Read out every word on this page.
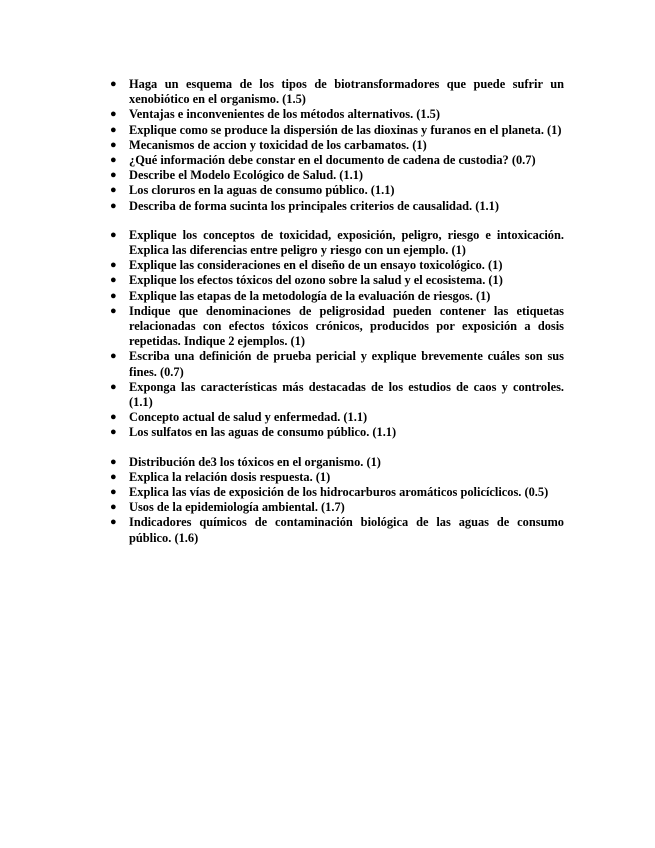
● Haga un esquema de los tipos de biotransformadores que puede sufrir un xenobiótico en el organismo. (1.5)
● Ventajas e inconvenientes de los métodos alternativos. (1.5)
● Explique como se produce la dispersión de las dioxinas y furanos en el planeta. (1)
● Mecanismos de accion y toxicidad de los carbamatos. (1)
● ¿Qué información debe constar en el documento de cadena de custodia? (0.7)
● Describe el Modelo Ecológico de Salud. (1.1)
● Los cloruros en la aguas de consumo público. (1.1)
● Describa de forma sucinta los principales criterios de causalidad. (1.1)
● Explique los conceptos de toxicidad, exposición, peligro, riesgo e intoxicación. Explica las diferencias entre peligro y riesgo con un ejemplo. (1)
● Explique las consideraciones en el diseño de un ensayo toxicológico. (1)
● Explique los efectos tóxicos del ozono sobre la salud y el ecosistema. (1)
● Explique las etapas de la metodología de la evaluación de riesgos. (1)
● Indique que denominaciones de peligrosidad pueden contener las etiquetas relacionadas con efectos tóxicos crónicos, producidos por exposición a dosis repetidas. Indique 2 ejemplos. (1)
● Escriba una definición de prueba pericial y explique brevemente cuáles son sus fines. (0.7)
● Exponga las características más destacadas de los estudios de caos y controles. (1.1)
● Concepto actual de salud y enfermedad. (1.1)
● Los sulfatos en las aguas de consumo público. (1.1)
● Distribución de3 los tóxicos en el organismo. (1)
● Explica la relación dosis respuesta. (1)
● Explica las vías de exposición de los hidrocarburos aromáticos policíclicos. (0.5)
● Usos de la epidemiología ambiental. (1.7)
● Indicadores químicos de contaminación biológica de las aguas de consumo público. (1.6)
